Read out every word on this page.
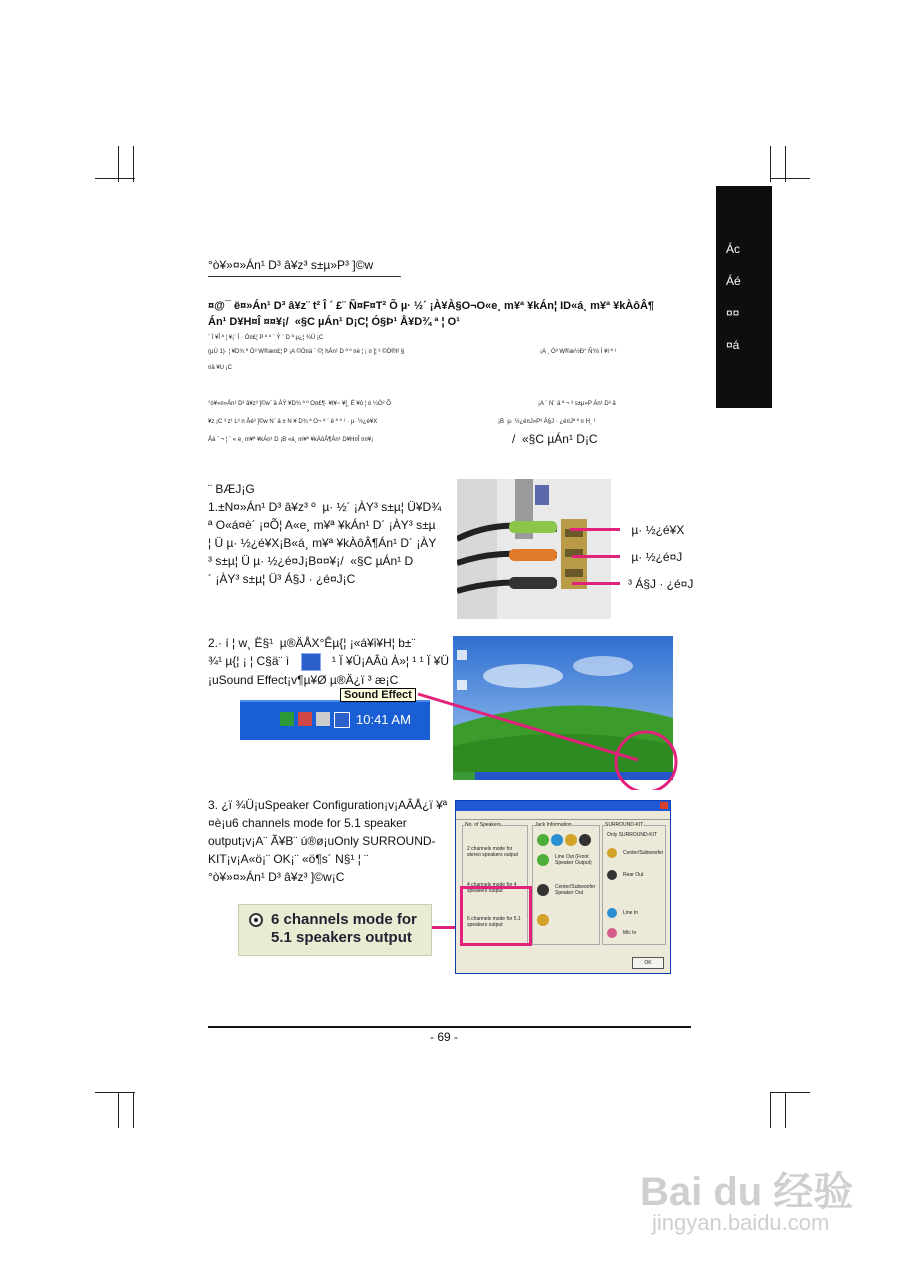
Ác
Áé
¤¤
¤á
°ò¥»¤»Án¹ D³ â¥z³ s±µ»P³ ]©w
¤@¯ ë¤»Án¹ D³ â¥z¨ t² Î ´ £¨ Ñ¤F¤T² Õ µ· ½´ ¡À¥À§O¬O«e¸ m¥ª ¥kÁn¦ ID«á¸ m¥ª ¥kÀôÂ¶
Án¹ D¥H¤Î ¤¤¥¡/ «§C µÁn¹ D¡C¦ Ó§Þ¹ Å¥D¾ ª ¦ O¹
¨ Ï ¥Î ª ¦ ¥¡¨ Ì · Ó¤£¦ P ª º ¨ Ý ¨ D ª µ¿¦ ¾Ü ¡C
(µÚ 1)· ¦ ¥D¾ ª Ó³ W®æ¤£¦ P ¡A ©Ò¤ä ´ ©¦ hÁn¹ D ª º ¤è ¦ ¡ ¤ ]¦ ³ ©Ò®t² §
¤ä ¥U ¡C
°ò¥»¤»Án¹ D³ â¥z³ ]©w¨ ä ÀÝ ¥D¾ ª º O¤£¶· ¥t¥~ ¥[¸ Ë ¥ô ¦ ó ¼Ò² Õ
¥z ¡C ³ z¹ L³ n Åé³ ]©w N¨ ä ± N ¥ D¾ ª O¬ ª ¨ ê ª º ¹ · µ· ½¿é¥X
Åà ¨ ¬ ¦ ¨ « e¸ m¥ª ¥kÁn¹ D ¡B «á¸ m¥ª ¥kÀôÂ¶Án¹ D¥H¤Î ¤¤¥¡
¡A ¨ N¨ ä ª ¬ ³ s±µ»P Án¹ D³ â
¡B µ· ½¿é¤J»P³ Á§J · ¿é¤Jª º ¤ H¸ ¹
¡A ¸ Ó³ W®æ½Ð° Ñ¾\ Ì ¥l ª ¹
/ «§C µÁn¹ D¡C
¨ BÆJ¡G
1.±N¤»Án¹ D³ â¥z³ º µ· ½´ ¡ÀY³ s±µ¦ Ü¥D¾
ª O«á¤è´ ¡¤Õ¦ A«e¸ m¥ª ¥kÁn¹ D´ ¡ÀY³ s±µ
¦ Ü µ· ½¿é¥X¡B«á¸ m¥ª ¥kÀôÂ¶Án¹ D´ ¡ÀY
³ s±µ¦ Ü µ· ½¿é¤J¡B¤¤¥¡/ «§C µÁn¹ D
´ ¡ÀY³ s±µ¦ Ü³ Á§J · ¿é¤J¡C
µ· ½¿é¥X
µ· ½¿é¤J
³ Á§J · ¿é¤J
2.· í ¦ w¸ Ë§¹ µ®ÄÅX°Êµ{¦ ¡«á¥i¥H¦ b±¨
¾¹ µ{¦ ¡ ¦ C§ä¨ ì	¹ Ï ¥Ü¡AÂù À»¦ ¹ ¹ Ï ¥Ü
¡uSound Effect¡v¶µ¥Ø µ®Ä¿ï ³ æ¡C
10:41 AM
Sound Effect
3. ¿ï ¾Ü¡uSpeaker Configuration¡v¡AÂÅ¿ï ¥ª
¤è¡u6 channels mode for 5.1 speaker
output¡v¡A¨ Ã¥B¨ ú®ø¡uOnly SURROUND-
KIT¡v¡A«ö¡¨ OK¡¨ «ö¶s´ N§¹ ¦ ¨
°ò¥»¤»Án¹ D³ â¥z³ ]©w¡C
6 channels mode for
5.1 speakers output
No. of Speakers
2 channels mode for stereo speakers output
4 channels mode for 4 speakers output
6 channels mode for 5.1 speakers output
Jack Information
Line Out (Front Speaker Output)
Center/Subwoofer Speaker Out
SURROUND-KIT
Only SURROUND-KIT
Center/Subwoofer
Rear Out
Line In
Mic In
OK
- 69 -
Bai du 经验
jingyan.baidu.com
